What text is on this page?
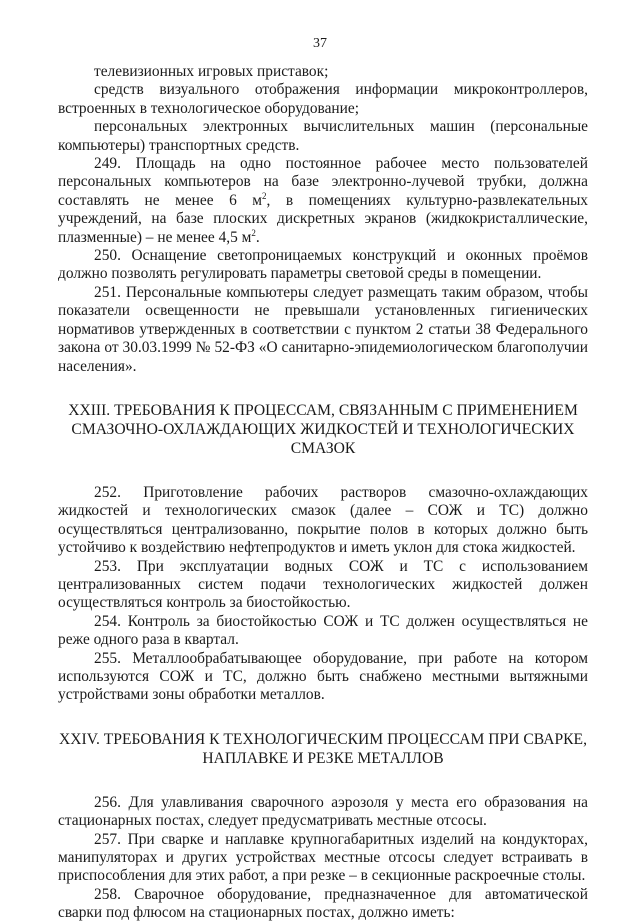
37

телевизионных игровых приставок;

средств визуального отображения информации микроконтроллеров, встроенных в технологическое оборудование;

персональных электронных вычислительных машин (персональные компьютеры) транспортных средств.

249. Площадь на одно постоянное рабочее место пользователей персональных компьютеров на базе электронно-лучевой трубки, должна составлять не менее 6 $м^2$, в помещениях культурно-развлекательных учреждений, на базе плоских дискретных экранов (жидкокристаллические, плазменные) – не менее 4,5 $м^2$.

250. Оснащение светопроницаемых конструкций и оконных проёмов должно позволять регулировать параметры световой среды в помещении.

251. Персональные компьютеры следует размещать таким образом, чтобы показатели освещенности не превышали установленных гигиенических нормативов утвержденных в соответствии с пунктом 2 статьи 38 Федерального закона от 30.03.1999 № 52-ФЗ «О санитарно-эпидемиологическом благополучии населения».

XXIII. ТРЕБОВАНИЯ К ПРОЦЕССАМ, СВЯЗАННЫМ С ПРИМЕНЕНИЕМ СМАЗОЧНО-ОХЛАЖДАЮЩИХ ЖИДКОСТЕЙ И ТЕХНОЛОГИЧЕСКИХ СМАЗОК

252. Приготовление рабочих растворов смазочно-охлаждающих жидкостей и технологических смазок (далее – СОЖ и ТС) должно осуществляться централизованно, покрытие полов в которых должно быть устойчиво к воздействию нефтепродуктов и иметь уклон для стока жидкостей.

253. При эксплуатации водных СОЖ и ТС с использованием централизованных систем подачи технологических жидкостей должен осуществляться контроль за биостойкостью.

254. Контроль за биостойкостью СОЖ и ТС должен осуществляться не реже одного раза в квартал.

255. Металлообрабатывающее оборудование, при работе на котором используются СОЖ и ТС, должно быть снабжено местными вытяжными устройствами зоны обработки металлов.

XXIV. ТРЕБОВАНИЯ К ТЕХНОЛОГИЧЕСКИМ ПРОЦЕССАМ ПРИ СВАРКЕ, НАПЛАВКЕ И РЕЗКЕ МЕТАЛЛОВ

256. Для улавливания сварочного аэрозоля у места его образования на стационарных постах, следует предусматривать местные отсосы.

257. При сварке и наплавке крупногабаритных изделий на кондукторах, манипуляторах и других устройствах местные отсосы следует встраивать в приспособления для этих работ, а при резке – в секционные раскроечные столы.

258. Сварочное оборудование, предназначенное для автоматической сварки под флюсом на стационарных постах, должно иметь:
